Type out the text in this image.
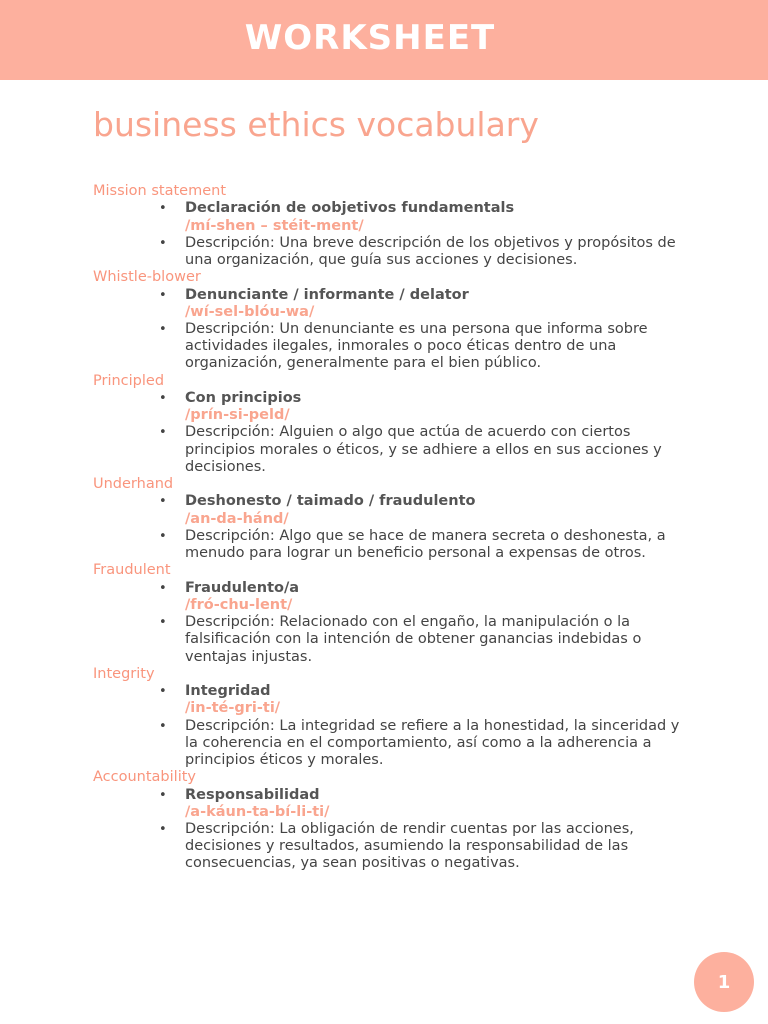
WORKSHEET
business ethics vocabulary
Mission statement
• Declaración de oobjetivos fundamentals
/mí-shen – stéit-ment/
• Descripción: Una breve descripción de los objetivos y propósitos de una organización, que guía sus acciones y decisiones.
Whistle-blower
• Denunciante / informante / delator
/wí-sel-blóu-wa/
• Descripción: Un denunciante es una persona que informa sobre actividades ilegales, inmorales o poco éticas dentro de una organización, generalmente para el bien público.
Principled
• Con principios
/prín-si-peld/
• Descripción: Alguien o algo que actúa de acuerdo con ciertos principios morales o éticos, y se adhiere a ellos en sus acciones y decisiones.
Underhand
• Deshonesto / taimado / fraudulento
/an-da-hánd/
• Descripción: Algo que se hace de manera secreta o deshonesta, a menudo para lograr un beneficio personal a expensas de otros.
Fraudulent
• Fraudulento/a
/fró-chu-lent/
• Descripción: Relacionado con el engaño, la manipulación o la falsificación con la intención de obtener ganancias indebidas o ventajas injustas.
Integrity
• Integridad
/in-té-gri-ti/
• Descripción: La integridad se refiere a la honestidad, la sinceridad y la coherencia en el comportamiento, así como a la adherencia a principios éticos y morales.
Accountability
• Responsabilidad
/a-káun-ta-bí-li-ti/
• Descripción: La obligación de rendir cuentas por las acciones, decisiones y resultados, asumiendo la responsabilidad de las consecuencias, ya sean positivas o negativas.
1
